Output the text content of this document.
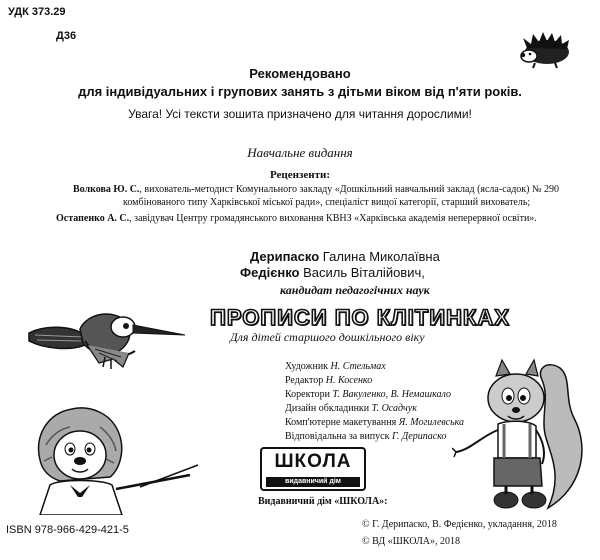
УДК 373.29
Д36
Рекомендовано
для індивідуальних і групових занять з дітьми віком від п'яти років.
Увага! Усі тексти зошита призначено для читання дорослими!
Навчальне видання
Рецензенти:
Волкова Ю. С., вихователь-методист Комунального закладу «Дошкільний навчальний заклад (ясла-садок) № 290
комбінованого типу Харківської міської ради», спеціаліст вищої категорії, старший вихователь;
Остапенко А. С., завідувач Центру громадянського виховання КВНЗ «Харківська академія неперервної освіти».
Дерипаско Галина Миколаївна
Федієнко Василь Віталійович,
кандидат педагогічних наук
ПРОПИСИ ПО КЛІТИНКАХ
Для дітей старшого дошкільного віку
Художник Н. Стельмах
Редактор Н. Косенко
Коректори Т. Вакуленко, В. Немашкало
Дизайн обкладинки Т. Осадчук
Комп'ютерне макетування Я. Могилевська
Відповідальна за випуск Г. Дерипаско
ШКОЛА
видавничий дім
Видавничий дім «ШКОЛА»:
ISBN 978-966-429-421-5	© Г. Дерипаско, В. Федієнко, укладання, 2018
© ВД «ШКОЛА», 2018
